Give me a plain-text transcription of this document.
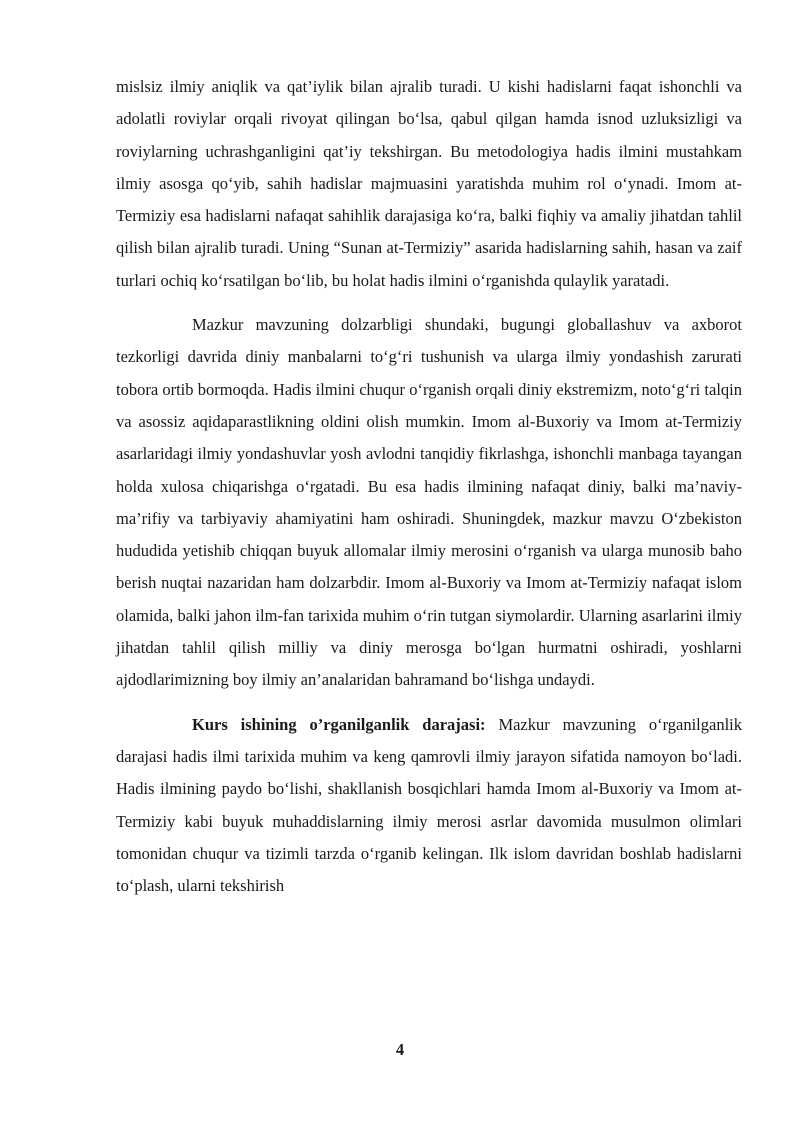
mislsiz ilmiy aniqlik va qat’iylik bilan ajralib turadi. U kishi hadislarni faqat ishonchli va adolatli roviylar orqali rivoyat qilingan bo‘lsa, qabul qilgan hamda isnod uzluksizligi va roviylarning uchrashganligini qat’iy tekshirgan. Bu metodologiya hadis ilmini mustahkam ilmiy asosga qo‘yib, sahih hadislar majmuasini yaratishda muhim rol o‘ynadi. Imom at-Termiziy esa hadislarni nafaqat sahihlik darajasiga ko‘ra, balki fiqhiy va amaliy jihatdan tahlil qilish bilan ajralib turadi. Uning “Sunan at-Termiziy” asarida hadislarning sahih, hasan va zaif turlari ochiq ko‘rsatilgan bo‘lib, bu holat hadis ilmini o‘rganishda qulaylik yaratadi.

Mazkur mavzuning dolzarbligi shundaki, bugungi globallashuv va axborot tezkorligi davrida diniy manbalarni to‘g‘ri tushunish va ularga ilmiy yondashish zarurati tobora ortib bormoqda. Hadis ilmini chuqur o‘rganish orqali diniy ekstremizm, noto‘g‘ri talqin va asossiz aqidaparastlikning oldini olish mumkin. Imom al-Buxoriy va Imom at-Termiziy asarlaridagi ilmiy yondashuvlar yosh avlodni tanqidiy fikrlashga, ishonchli manbaga tayangan holda xulosa chiqarishga o‘rgatadi. Bu esa hadis ilmining nafaqat diniy, balki ma’naviy-ma’rifiy va tarbiyaviy ahamiyatini ham oshiradi. Shuningdek, mazkur mavzu O‘zbekiston hududida yetishib chiqqan buyuk allomalar ilmiy merosini o‘rganish va ularga munosib baho berish nuqtai nazaridan ham dolzarbdir. Imom al-Buxoriy va Imom at-Termiziy nafaqat islom olamida, balki jahon ilm-fan tarixida muhim o‘rin tutgan siymolardir. Ularning asarlarini ilmiy jihatdan tahlil qilish milliy va diniy merosga bo‘lgan hurmatni oshiradi, yoshlarni ajdodlarimizning boy ilmiy an’analaridan bahramand bo‘lishga undaydi.

Kurs ishining o’rganilganlik darajasi: Mazkur mavzuning o‘rganilganlik darajasi hadis ilmi tarixida muhim va keng qamrovli ilmiy jarayon sifatida namoyon bo‘ladi. Hadis ilmining paydo bo‘lishi, shakllanish bosqichlari hamda Imom al-Buxoriy va Imom at-Termiziy kabi buyuk muhaddislarning ilmiy merosi asrlar davomida musulmon olimlari tomonidan chuqur va tizimli tarzda o‘rganib kelingan. Ilk islom davridan boshlab hadislarni to‘plash, ularni tekshirish

4
